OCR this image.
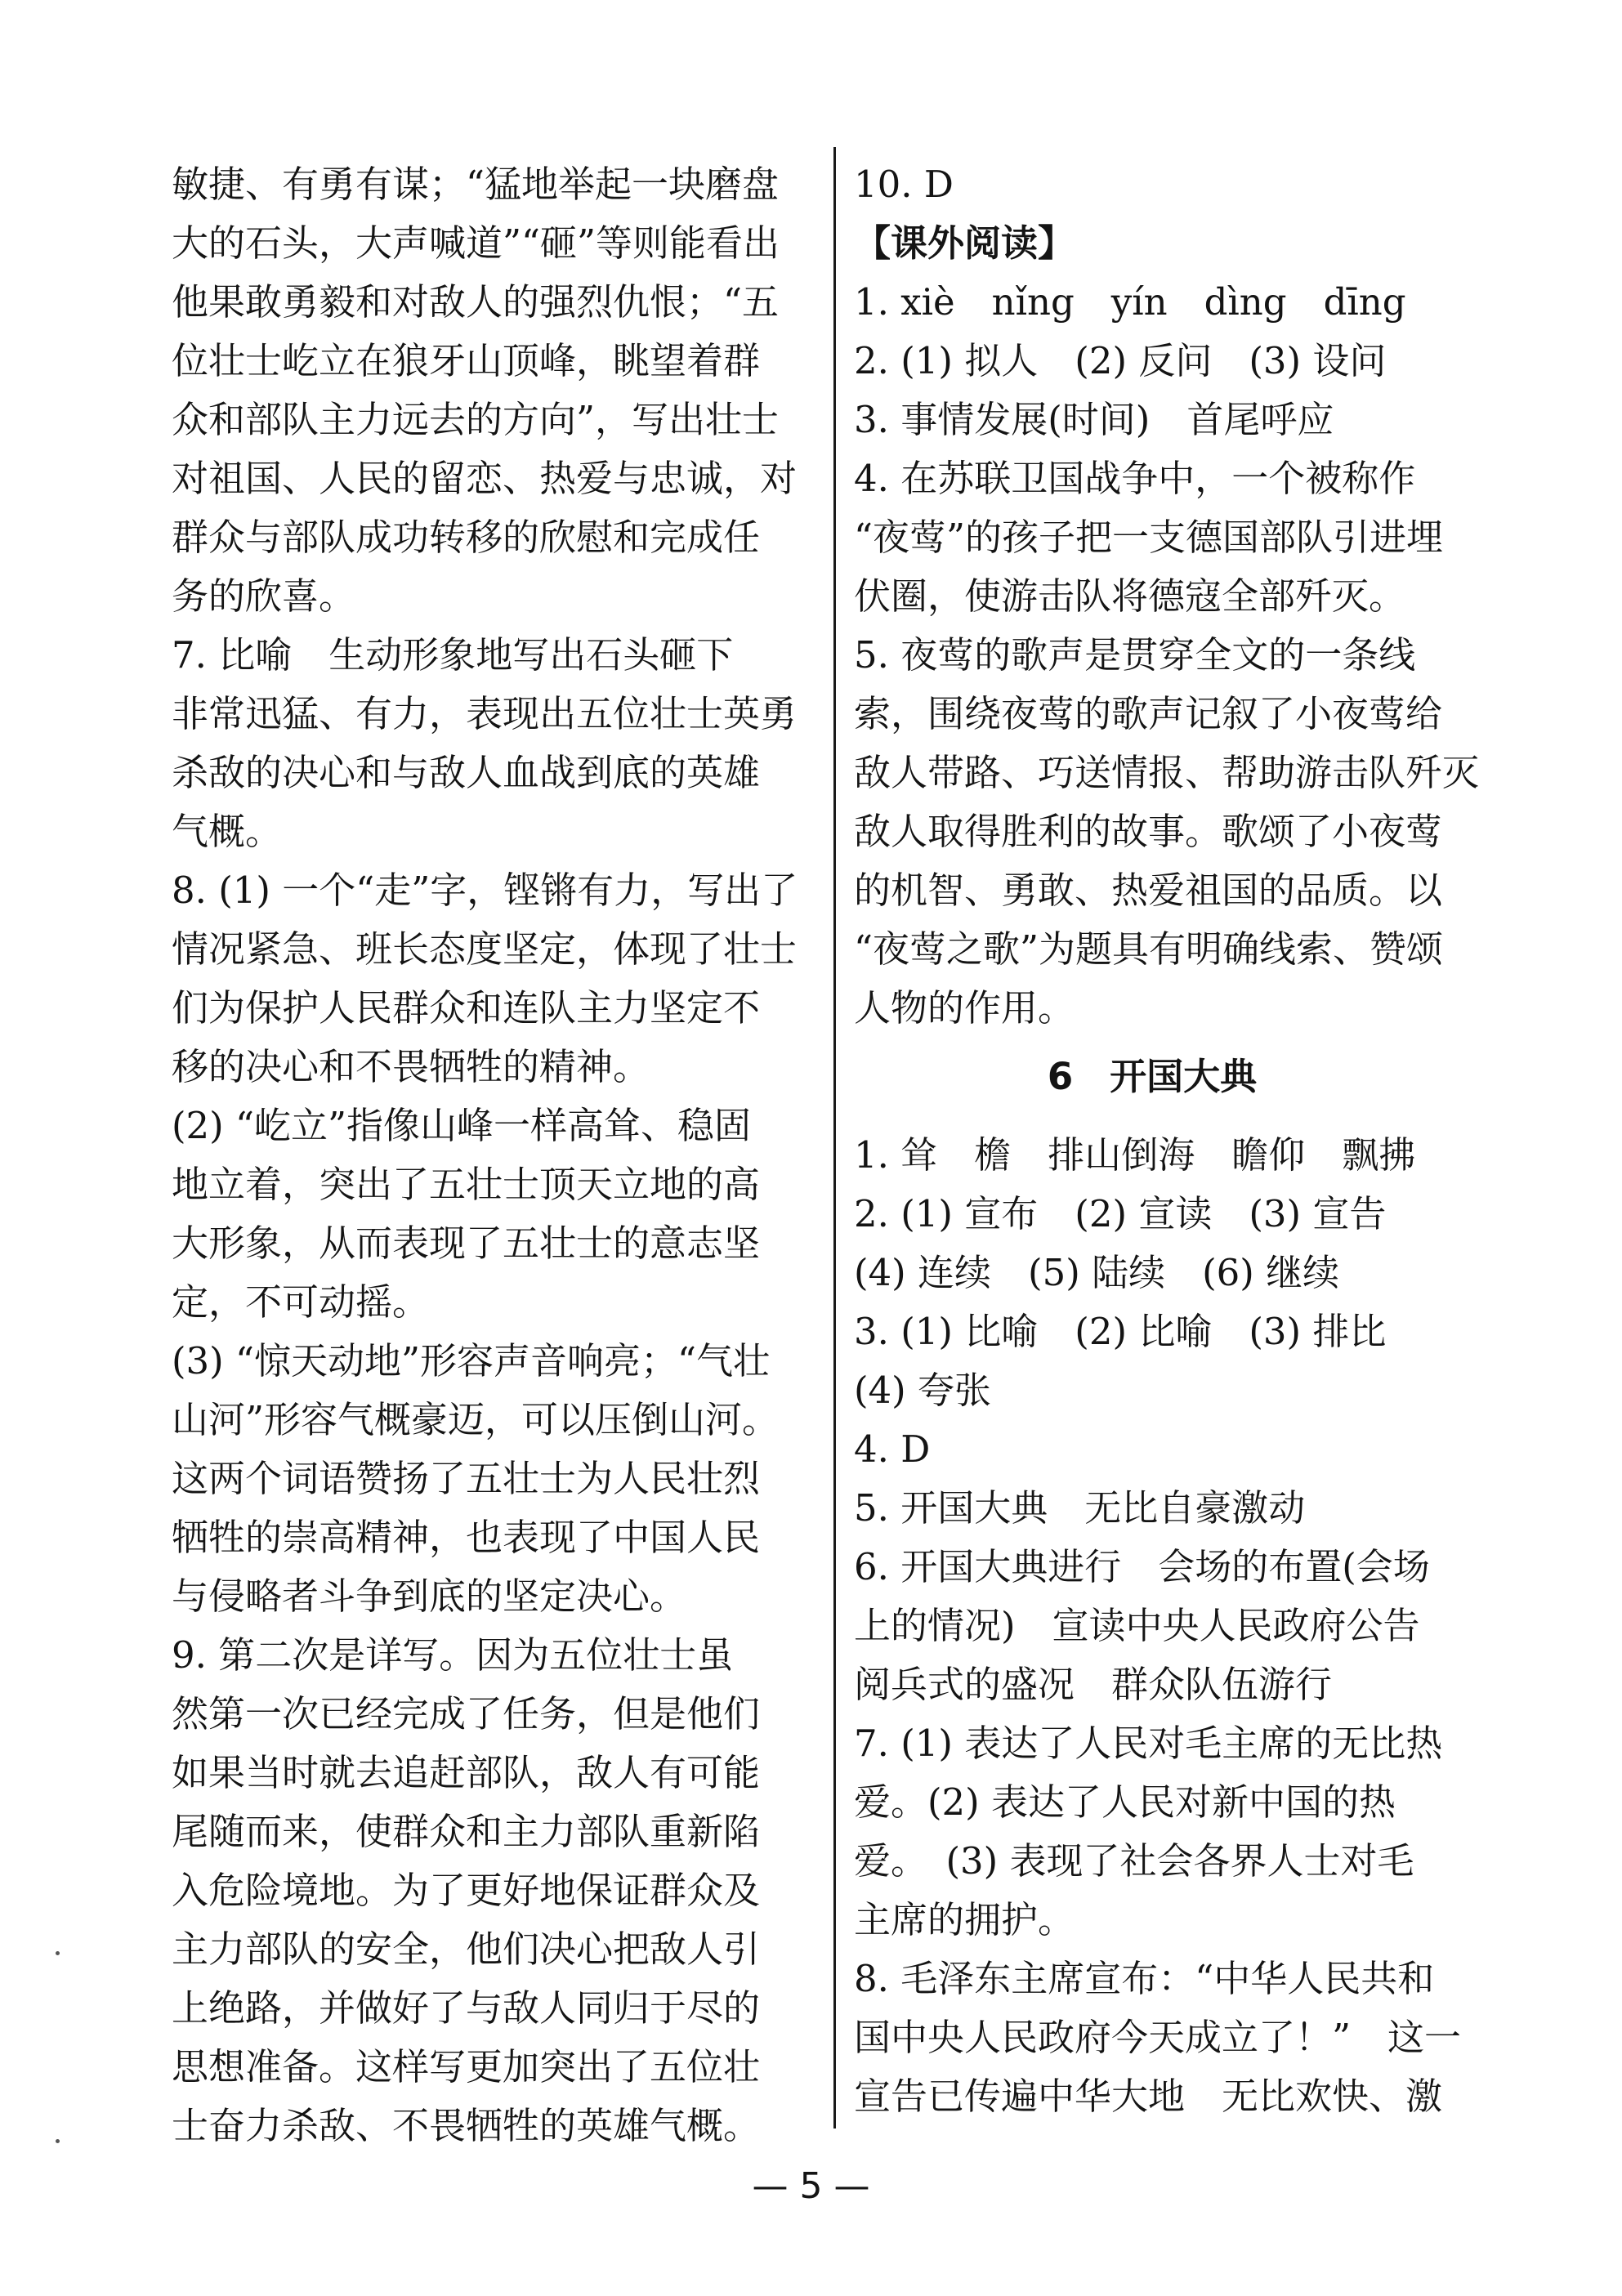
敏捷、有勇有谋；“猛地举起一块磨盘
大的石头，大声喊道”“砸”等则能看出
他果敢勇毅和对敌人的强烈仇恨；“五
位壮士屹立在狼牙山顶峰，眺望着群
众和部队主力远去的方向”，写出壮士
对祖国、人民的留恋、热爱与忠诚，对
群众与部队成功转移的欣慰和完成任
务的欣喜。
7. 比喻　生动形象地写出石头砸下
非常迅猛、有力，表现出五位壮士英勇
杀敌的决心和与敌人血战到底的英雄
气概。
8. (1) 一个“走”字，铿锵有力，写出了
情况紧急、班长态度坚定，体现了壮士
们为保护人民群众和连队主力坚定不
移的决心和不畏牺牲的精神。
(2) “屹立”指像山峰一样高耸、稳固
地立着，突出了五壮士顶天立地的高
大形象，从而表现了五壮士的意志坚
定，不可动摇。
(3) “惊天动地”形容声音响亮；“气壮
山河”形容气概豪迈，可以压倒山河。
这两个词语赞扬了五壮士为人民壮烈
牺牲的崇高精神，也表现了中国人民
与侵略者斗争到底的坚定决心。
9. 第二次是详写。因为五位壮士虽
然第一次已经完成了任务，但是他们
如果当时就去追赶部队，敌人有可能
尾随而来，使群众和主力部队重新陷
入危险境地。为了更好地保证群众及
主力部队的安全，他们决心把敌人引
上绝路，并做好了与敌人同归于尽的
思想准备。这样写更加突出了五位壮
士奋力杀敌、不畏牺牲的英雄气概。
10. D
【课外阅读】
1. xiè　nǐng　yín　dìng　dīng
2. (1) 拟人　(2) 反问　(3) 设问
3. 事情发展(时间)　首尾呼应
4. 在苏联卫国战争中，一个被称作
“夜莺”的孩子把一支德国部队引进埋
伏圈，使游击队将德寇全部歼灭。
5. 夜莺的歌声是贯穿全文的一条线
索，围绕夜莺的歌声记叙了小夜莺给
敌人带路、巧送情报、帮助游击队歼灭
敌人取得胜利的故事。歌颂了小夜莺
的机智、勇敢、热爱祖国的品质。以
“夜莺之歌”为题具有明确线索、赞颂
人物的作用。
6　开国大典
1. 耸　檐　排山倒海　瞻仰　飘拂
2. (1) 宣布　(2) 宣读　(3) 宣告
(4) 连续　(5) 陆续　(6) 继续
3. (1) 比喻　(2) 比喻　(3) 排比
(4) 夸张
4. D
5. 开国大典　无比自豪激动
6. 开国大典进行　会场的布置(会场
上的情况)　宣读中央人民政府公告
阅兵式的盛况　群众队伍游行
7. (1) 表达了人民对毛主席的无比热
爱。(2) 表达了人民对新中国的热
爱。　(3) 表现了社会各界人士对毛
主席的拥护。
8. 毛泽东主席宣布：“中华人民共和
国中央人民政府今天成立了！”　这一
宣告已传遍中华大地　无比欢快、激
— 5 —
